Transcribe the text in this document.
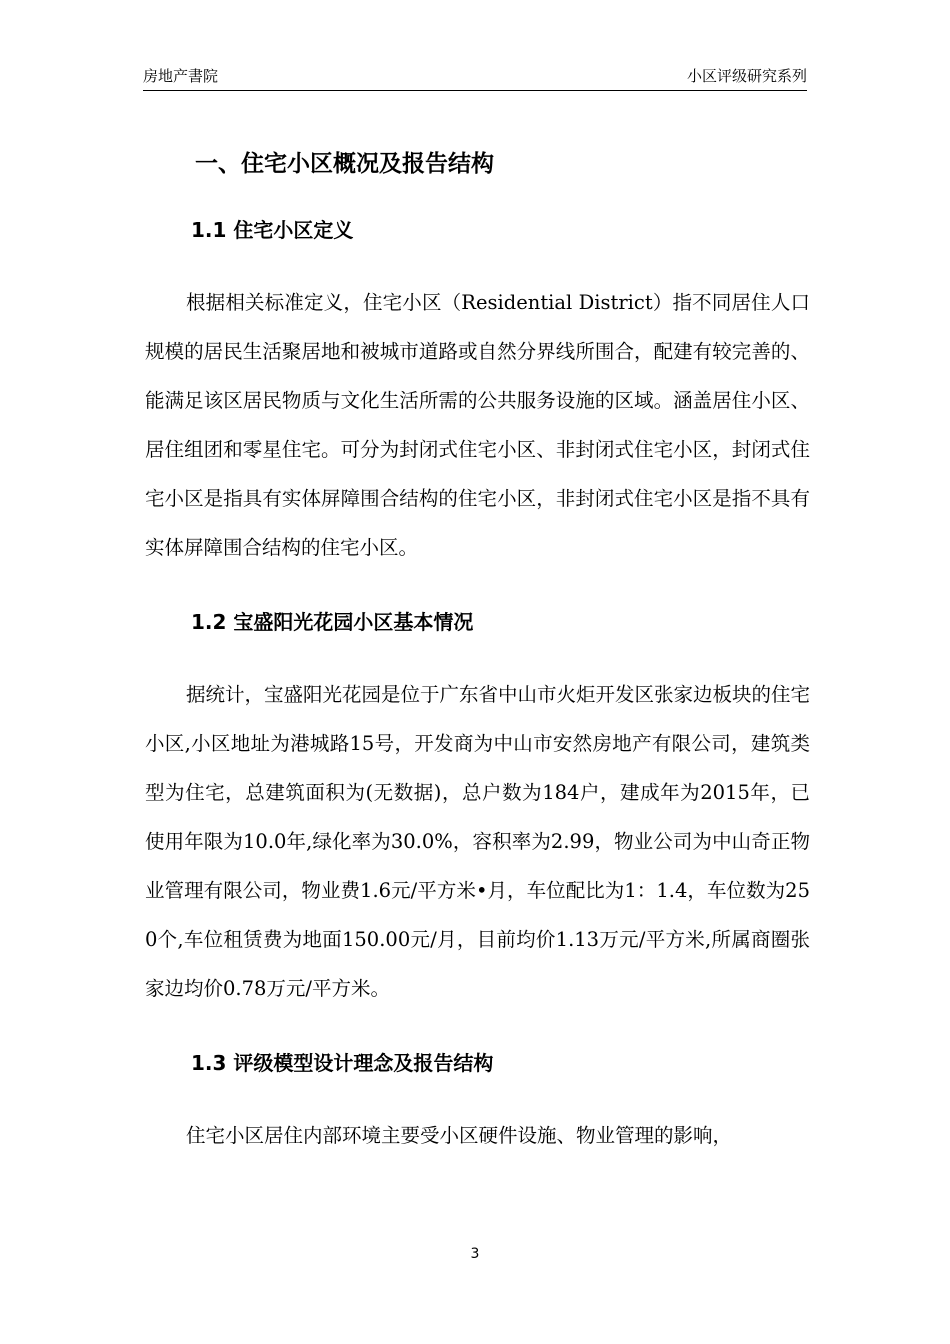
房地产書院	小区评级研究系列
一、住宅小区概况及报告结构
1.1 住宅小区定义

根据相关标准定义，住宅小区（Residential District）指不同居住人口规模的居民生活聚居地和被城市道路或自然分界线所围合，配建有较完善的、能满足该区居民物质与文化生活所需的公共服务设施的区域。涵盖居住小区、居住组团和零星住宅。可分为封闭式住宅小区、非封闭式住宅小区，封闭式住宅小区是指具有实体屏障围合结构的住宅小区，非封闭式住宅小区是指不具有实体屏障围合结构的住宅小区。

1.2 宝盛阳光花园小区基本情况

据统计，宝盛阳光花园是位于广东省中山市火炬开发区张家边板块的住宅小区,小区地址为港城路15号，开发商为中山市安然房地产有限公司，建筑类型为住宅，总建筑面积为(无数据)，总户数为184户，建成年为2015年，已使用年限为10.0年,绿化率为30.0%，容积率为2.99，物业公司为中山奇正物业管理有限公司，物业费1.6元/平方米•月，车位配比为1：1.4，车位数为250个,车位租赁费为地面150.00元/月，目前均价1.13万元/平方米,所属商圈张家边均价0.78万元/平方米。

1.3 评级模型设计理念及报告结构

住宅小区居住内部环境主要受小区硬件设施、物业管理的影响，

3
